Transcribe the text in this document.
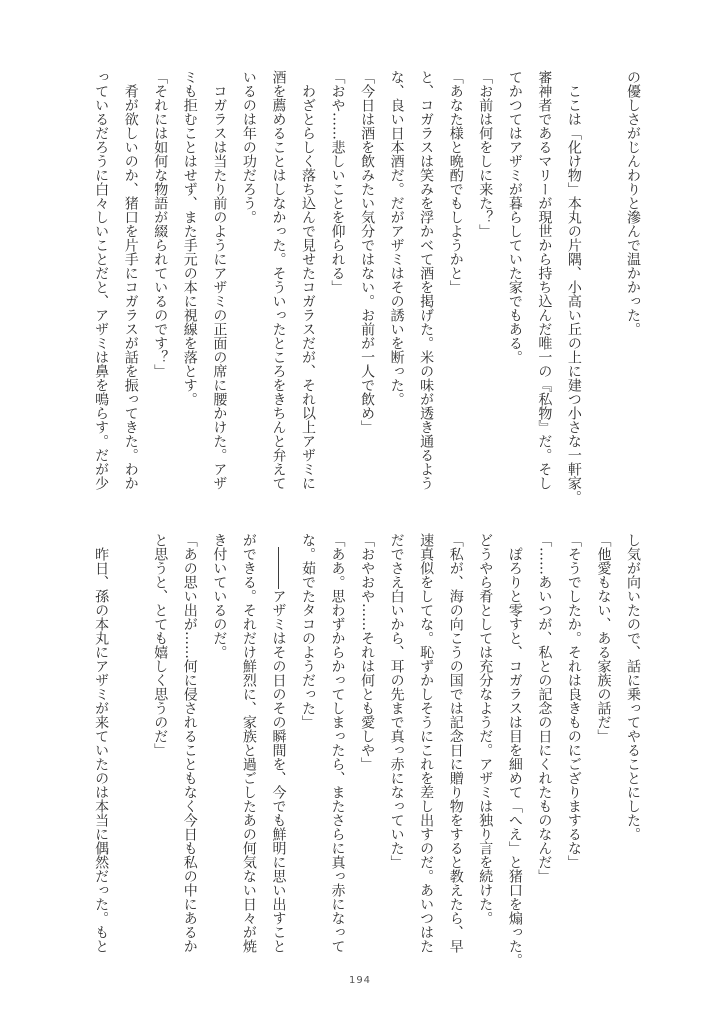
の優しさがじんわりと滲んで温かかった。
　ここは「化け物」本丸の片隅、小高い丘の上に建つ小さな一軒家。
審神者であるマリーが現世から持ち込んだ唯一の『私物』だ。そし
てかつてはアザミが暮らしていた家でもある。
「お前は何をしに来た？」
「あなた様と晩酌でもしようかと」
と、コガラスは笑みを浮かべて酒を掲げた。米の味が透き通るよう
な、良い日本酒だ。だがアザミはその誘いを断った。
「今日は酒を飲みたい気分ではない。お前が一人で飲め」
「おや……悲しいことを仰られる」
　わざとらしく落ち込んで見せたコガラスだが、それ以上アザミに
酒を薦めることはしなかった。そういったところをきちんと弁えて
いるのは年の功だろう。
　コガラスは当たり前のようにアザミの正面の席に腰かけた。アザ
ミも拒むことはせず、また手元の本に視線を落とす。
「それには如何な物語が綴られているのです？」
　肴が欲しいのか、猪口を片手にコガラスが話を振ってきた。わか
っているだろうに白々しいことだと、アザミは鼻を鳴らす。だが少
し気が向いたので、話に乗ってやることにした。
「他愛もない、ある家族の話だ」
「そうでしたか。それは良きものにござりまするな」
「……あいつが、私との記念の日にくれたものなんだ」
　ぽろりと零すと、コガラスは目を細めて「へえ」と猪口を煽った。
どうやら肴としては充分なようだ。アザミは独り言を続けた。
「私が、海の向こうの国では記念日に贈り物をすると教えたら、早
速真似をしてな。恥ずかしそうにこれを差し出すのだ。あいつはた
だでさえ白いから、耳の先まで真っ赤になっていた」
「おやおや……それは何とも愛しや」
「ああ。思わずからかってしまったら、またさらに真っ赤になって
な。茹でたタコのようだった」
　―――アザミはその日のその瞬間を、今でも鮮明に思い出すこと
ができる。それだけ鮮烈に、家族と過ごしたあの何気ない日々が焼
き付いているのだ。
「あの思い出が……何に侵されることもなく今日も私の中にあるか
と思うと、とても嬉しく思うのだ」
　昨日、孫の本丸にアザミが来ていたのは本当に偶然だった。もと
194
